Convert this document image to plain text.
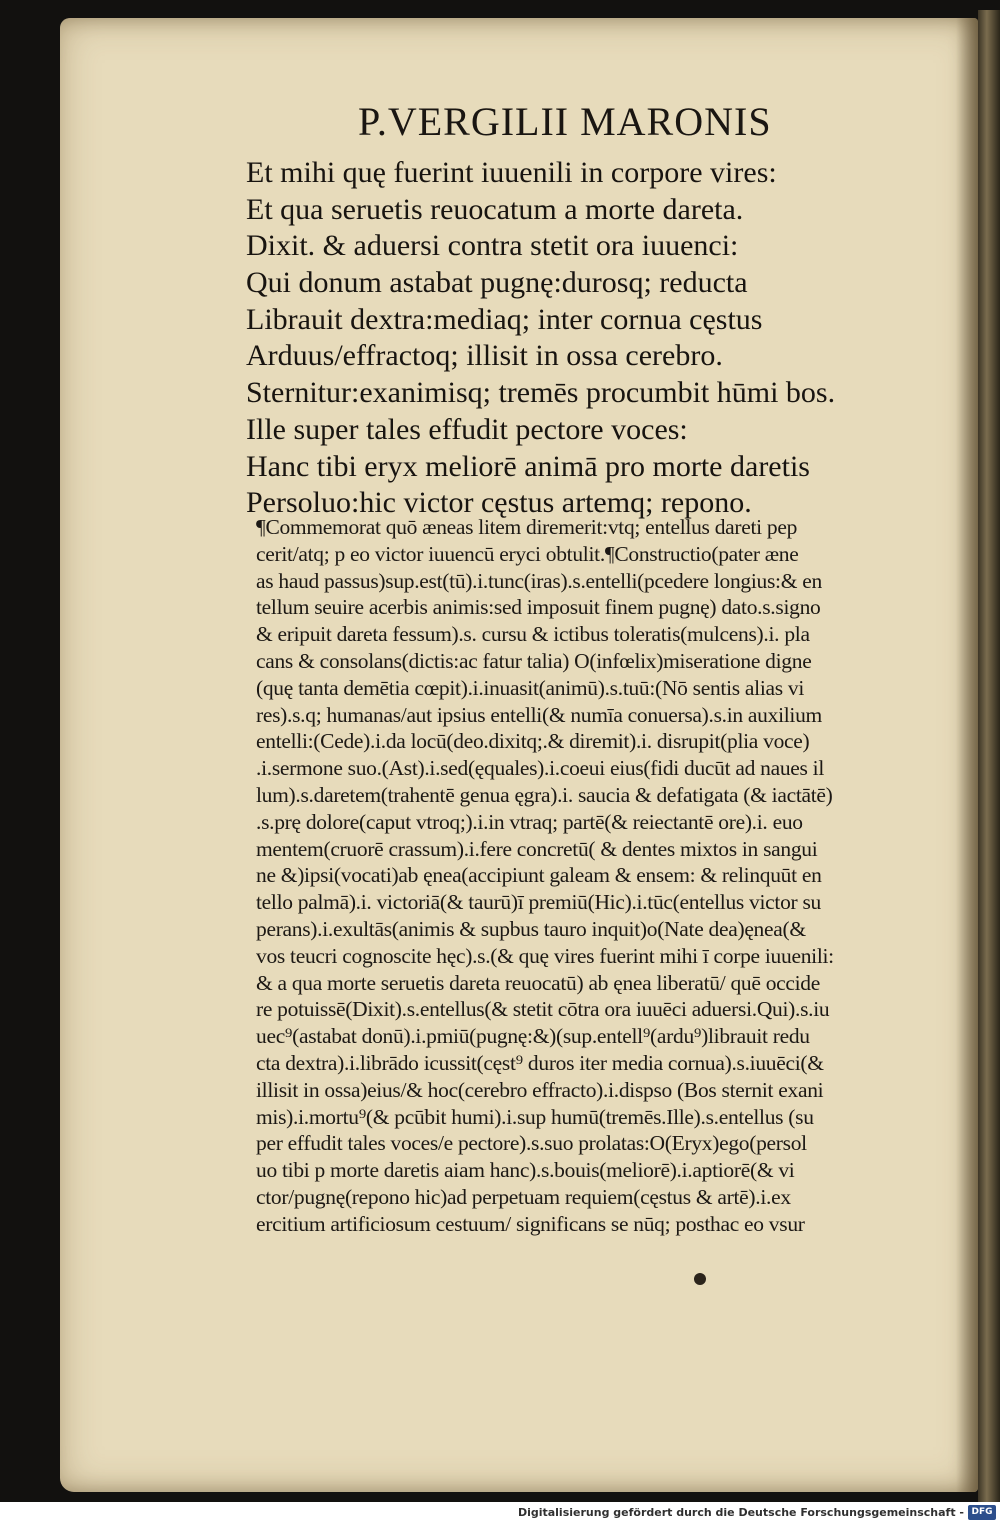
P.VERGILII MARONIS
Et mihi quę fuerint iuuenili in corpore vires:
Et qua seruetis reuocatum a morte dareta.
Dixit. & aduersi contra stetit ora iuuenci:
Qui donum astabat pugnę:durosq; reducta
Librauit dextra:mediaq; inter cornua cęstus
Arduus/effractoq; illisit in ossa cerebro.
Sternitur:exanimisq; tremēs procumbit hūmi bos.
Ille super tales effudit pectore voces:
Hanc tibi eryx meliorē animā pro morte daretis
Persoluo:hic victor cęstus artemq; repono.
¶Commemorat quō æneas litem diremerit:vtq; entellus dareti pep
cerit/atq; p eo victor iuuencū eryci obtulit.¶Constructio(pater æne
as haud passus)sup.est(tū).i.tunc(iras).s.entelli(pcedere longius:& en
tellum seuire acerbis animis:sed imposuit finem pugnę) dato.s.signo
& eripuit dareta fessum).s. cursu & ictibus toleratis(mulcens).i. pla
cans & consolans(dictis:ac fatur talia) O(infœlix)miseratione digne
(quę tanta demētia cœpit).i.inuasit(animū).s.tuū:(Nō sentis alias vi
res).s.q; humanas/aut ipsius entelli(& numīa conuersa).s.in auxilium
entelli:(Cede).i.da locū(deo.dixitq;.& diremit).i. disrupit(plia voce)
.i.sermone suo.(Ast).i.sed(ęquales).i.coeui eius(fidi ducūt ad naues il
lum).s.daretem(trahentē genua ęgra).i. saucia & defatigata (& iactātē)
.s.prę dolore(caput vtroq;).i.in vtraq; partē(& reiectantē ore).i. euo
mentem(cruorē crassum).i.fere concretū( & dentes mixtos in sangui
ne &)ipsi(vocati)ab ęnea(accipiunt galeam & ensem: & relinquūt en
tello palmā).i. victoriā(& taurū)ī premiū(Hic).i.tūc(entellus victor su
perans).i.exultās(animis & supbus tauro inquit)o(Nate dea)ęnea(&
vos teucri cognoscite hęc).s.(& quę vires fuerint mihi ī corpe iuuenili:
& a qua morte seruetis dareta reuocatū) ab ęnea liberatū/ quē occide
re potuissē(Dixit).s.entellus(& stetit cōtra ora iuuēci aduersi.Qui).s.iu
uec⁹(astabat donū).i.pmiū(pugnę:&)(sup.entell⁹(ardu⁹)librauit redu
cta dextra).i.librādo icussit(cęst⁹ duros iter media cornua).s.iuuēci(&
illisit in ossa)eius/& hoc(cerebro effracto).i.dispso (Bos sternit exani
mis).i.mortu⁹(& pcūbit humi).i.sup humū(tremēs.Ille).s.entellus (su
per effudit tales voces/e pectore).s.suo prolatas:O(Eryx)ego(persol
uo tibi p morte daretis aiam hanc).s.bouis(meliorē).i.aptiorē(& vi
ctor/pugnę(repono hic)ad perpetuam requiem(cęstus & artē).i.ex
ercitium artificiosum cestuum/ significans se nūq; posthac eo vsur
Digitalisierung gefördert durch die Deutsche Forschungsgemeinschaft - DFG
